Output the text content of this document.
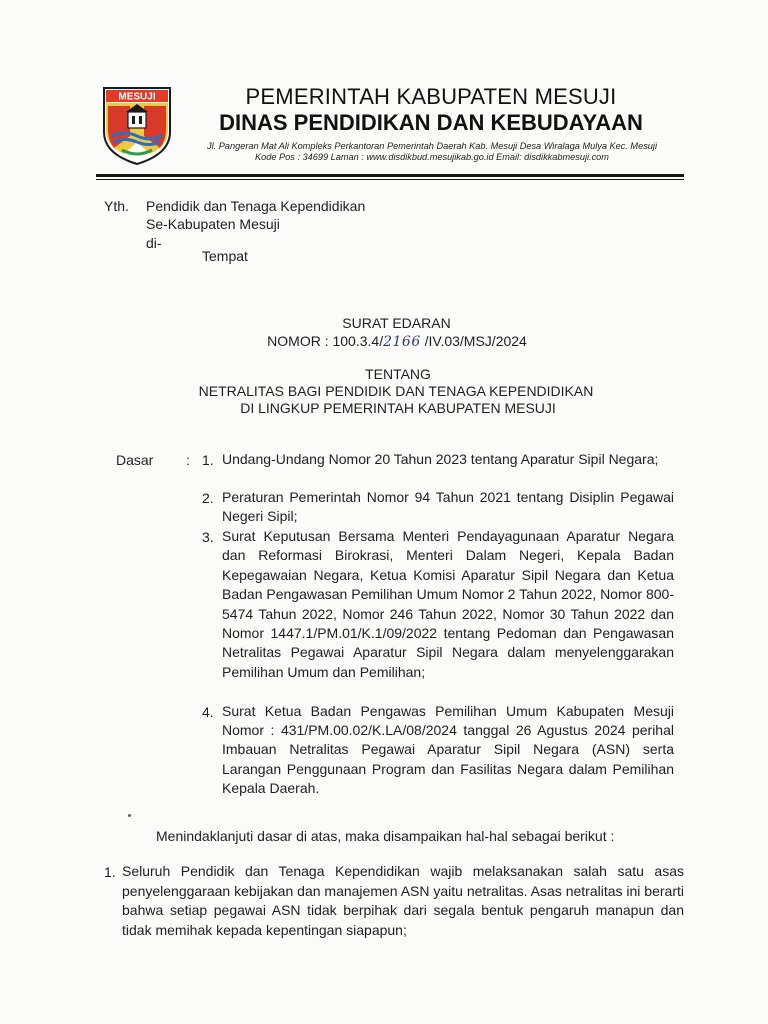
MESUJI	PEMERINTAH KABUPATEN MESUJI
DINAS PENDIDIKAN DAN KEBUDAYAAN
Jl. Pangeran Mat Ali Kompleks Perkantoran Pemerintah Daerah Kab. Mesuji Desa Wiralaga Mulya Kec. Mesuji
Kode Pos : 34699 Laman : www.disdikbud.mesujikab.go.id Email: disdikkabmesuji.com
Yth. Pendidik dan Tenaga Kependidikan
Se-Kabupaten Mesuji
di-
Tempat
SURAT EDARAN
NOMOR : 100.3.4/2166 /IV.03/MSJ/2024
TENTANG
NETRALITAS BAGI PENDIDIK DAN TENAGA KEPENDIDIKAN
DI LINGKUP PEMERINTAH KABUPATEN MESUJI
Dasar : 1. Undang-Undang Nomor 20 Tahun 2023 tentang Aparatur Sipil Negara;
2. Peraturan Pemerintah Nomor 94 Tahun 2021 tentang Disiplin Pegawai Negeri Sipil;
3. Surat Keputusan Bersama Menteri Pendayagunaan Aparatur Negara dan Reformasi Birokrasi, Menteri Dalam Negeri, Kepala Badan Kepegawaian Negara, Ketua Komisi Aparatur Sipil Negara dan Ketua Badan Pengawasan Pemilihan Umum Nomor 2 Tahun 2022, Nomor 800-5474 Tahun 2022, Nomor 246 Tahun 2022, Nomor 30 Tahun 2022 dan Nomor 1447.1/PM.01/K.1/09/2022 tentang Pedoman dan Pengawasan Netralitas Pegawai Aparatur Sipil Negara dalam menyelenggarakan Pemilihan Umum dan Pemilihan;
4. Surat Ketua Badan Pengawas Pemilihan Umum Kabupaten Mesuji Nomor : 431/PM.00.02/K.LA/08/2024 tanggal 26 Agustus 2024 perihal Imbauan Netralitas Pegawai Aparatur Sipil Negara (ASN) serta Larangan Penggunaan Program dan Fasilitas Negara dalam Pemilihan Kepala Daerah.
Menindaklanjuti dasar di atas, maka disampaikan hal-hal sebagai berikut :
1. Seluruh Pendidik dan Tenaga Kependidikan wajib melaksanakan salah satu asas penyelenggaraan kebijakan dan manajemen ASN yaitu netralitas. Asas netralitas ini berarti bahwa setiap pegawai ASN tidak berpihak dari segala bentuk pengaruh manapun dan tidak memihak kepada kepentingan siapapun;
